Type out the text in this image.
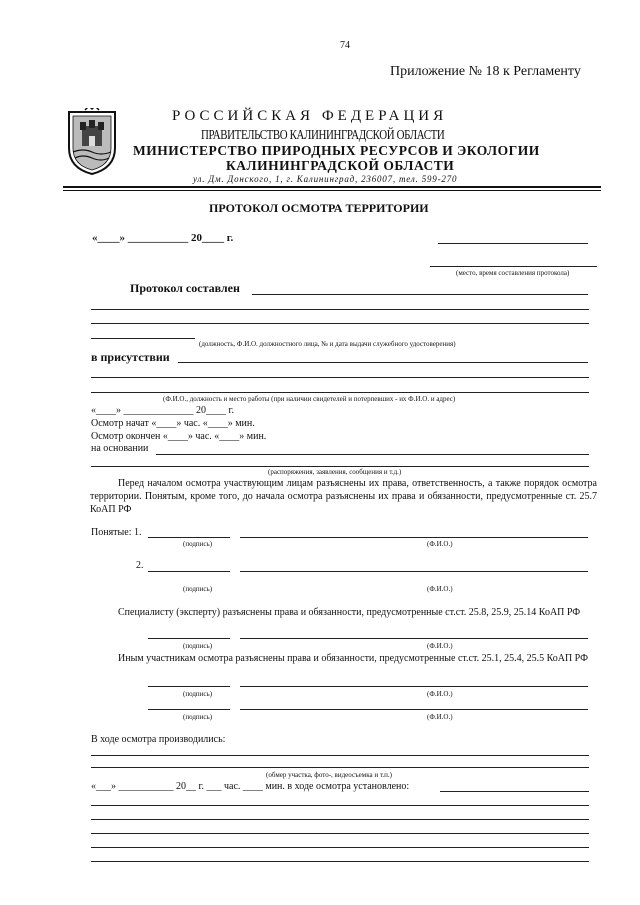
74
Приложение № 18 к Регламенту
РОССИЙСКАЯ ФЕДЕРАЦИЯ
ПРАВИТЕЛЬСТВО КАЛИНИНГРАДСКОЙ ОБЛАСТИ
МИНИСТЕРСТВО ПРИРОДНЫХ РЕСУРСОВ И ЭКОЛОГИИ
КАЛИНИНГРАДСКОЙ ОБЛАСТИ
ул. Дм. Донского, 1, г. Калининград, 236007, тел. 599-270
ПРОТОКОЛ ОСМОТРА ТЕРРИТОРИИ
«____» ___________ 20____ г.
(место, время составления протокола)
Протокол составлен
(должность, Ф.И.О. должностного лица, № и дата выдачи служебного удостоверения)
в присутствии
(Ф.И.О., должность и место работы (при наличии свидетелей и потерпевших - их Ф.И.О. и адрес)
«____» ______________ 20____ г.
Осмотр начат «____» час. «____» мин.
Осмотр окончен «____» час. «____» мин.
на основании
(распоряжения, заявления, сообщения и т.д.)
Перед началом осмотра участвующим лицам разъяснены их права, ответственность, а также порядок осмотра территории. Понятым, кроме того, до начала осмотра разъяснены их права и обязанности, предусмотренные ст. 25.7 КоАП РФ
Понятые: 1.
(подпись)	(Ф.И.О.)
2.
(подпись)	(Ф.И.О.)
Специалисту (эксперту) разъяснены права и обязанности, предусмотренные ст.ст. 25.8, 25.9, 25.14 КоАП РФ
(подпись)	(Ф.И.О.)
Иным участникам осмотра разъяснены права и обязанности, предусмотренные ст.ст. 25.1, 25.4, 25.5 КоАП РФ
(подпись)	(Ф.И.О.)
(подпись)	(Ф.И.О.)
В ходе осмотра производились:
(обмер участка, фото-, видеосъемка и т.п.)
«___» ___________ 20__ г. ___ час. ____ мин. в ходе осмотра установлено:
